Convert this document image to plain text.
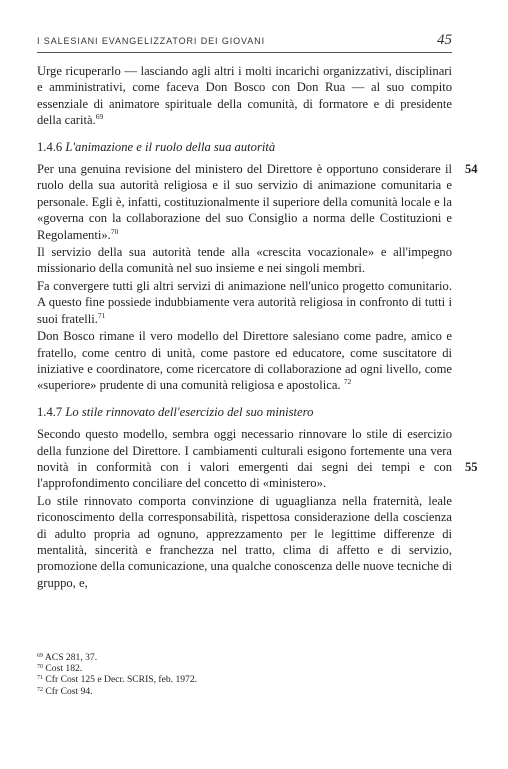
I SALESIANI EVANGELIZZATORI DEI GIOVANI	45

Urge ricuperarlo — lasciando agli altri i molti incarichi organizzativi, disciplinari e amministrativi, come faceva Don Bosco con Don Rua — al suo compito essenziale di animatore spirituale della comunità, di formatore e di presidente della carità.$^{69}$

1.4.6 L'animazione e il ruolo della sua autorità

Per una genuina revisione del ministero del Direttore è opportuno considerare il ruolo della sua autorità religiosa e il suo servizio di animazione comunitaria e personale. Egli è, infatti, costituzionalmente il superiore della comunità locale e la «governa con la collaborazione del suo Consiglio a norma delle Costituzioni e Regolamenti».$^{70}$

Il servizio della sua autorità tende alla «crescita vocazionale» e all'impegno missionario della comunità nel suo insieme e nei singoli membri.

Fa convergere tutti gli altri servizi di animazione nell'unico progetto comunitario. A questo fine possiede indubbiamente vera autorità religiosa in confronto di tutti i suoi fratelli.$^{71}$

Don Bosco rimane il vero modello del Direttore salesiano come padre, amico e fratello, come centro di unità, come pastore ed educatore, come suscitatore di iniziative e coordinatore, come ricercatore di collaborazione ad ogni livello, come «superiore» prudente di una comunità religiosa e apostolica. $^{72}$

1.4.7 Lo stile rinnovato dell'esercizio del suo ministero

Secondo questo modello, sembra oggi necessario rinnovare lo stile di esercizio della funzione del Direttore. I cambiamenti culturali esigono fortemente una vera novità in conformità con i valori emergenti dai segni dei tempi e con l'approfondimento conciliare del concetto di «ministero».

Lo stile rinnovato comporta convinzione di uguaglianza nella fraternità, leale riconoscimento della corresponsabilità, rispettosa considerazione della coscienza di adulto propria ad ognuno, apprezzamento per le legittime differenze di mentalità, sincerità e franchezza nel tratto, clima di affetto e di servizio, promozione della comunicazione, una qualche conoscenza delle nuove tecniche di gruppo, e,

54
55

$^{69}$ ACS 281, 37.

$^{70}$ Cost 182.

$^{71}$ Cfr Cost 125 e Decr. SCRIS, feb. 1972.

$^{72}$ Cfr Cost 94.
